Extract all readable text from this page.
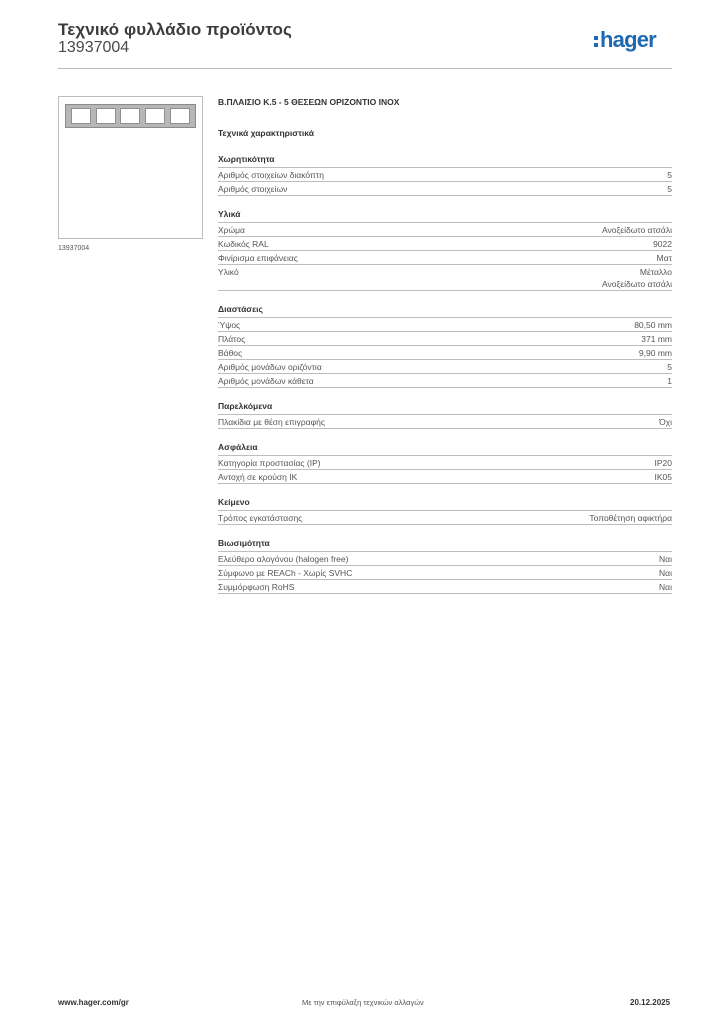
Τεχνικό φυλλάδιο προϊόντος
13937004	hager
13937004
Β.ΠΛΑΙΣΙΟ Κ.5 - 5 ΘΕΣΕΩΝ ΟΡΙΖΟΝΤΙΟ INOX
Τεχνικά χαρακτηριστικά
Χωρητικότητα
Αριθμός στοιχείων διακόπτη	5
Αριθμός στοιχείων	5
Υλικά
Χρώμα	Ανοξείδωτο ατσάλι
Κωδικός RAL	9022
Φινίρισμα επιφάνειας	Ματ
Υλικό	Μέταλλο
Ανοξείδωτο ατσάλι
Διαστάσεις
Ύψος	80,50 mm
Πλάτος	371 mm
Βάθος	9,90 mm
Αριθμός μονάδων οριζόντια	5
Αριθμός μονάδων κάθετα	1
Παρελκόμενα
Πλακίδια με θέση επιγραφής	Όχι
Ασφάλεια
Κατηγορία προστασίας (IP)	IP20
Αντοχή σε κρούση IK	IK05
Κείμενο
Τρόπος εγκατάστασης	Τοποθέτηση αφικτήρα
Βιωσιμότητα
Ελεύθερο αλογόνου (halogen free)	Ναι
Σύμφωνο με REACh - Χωρίς SVHC	Ναι
Συμμόρφωση RoHS	Ναι
www.hager.com/gr	Με την επιφύλαξη τεχνικών αλλαγών	20.12.2025
